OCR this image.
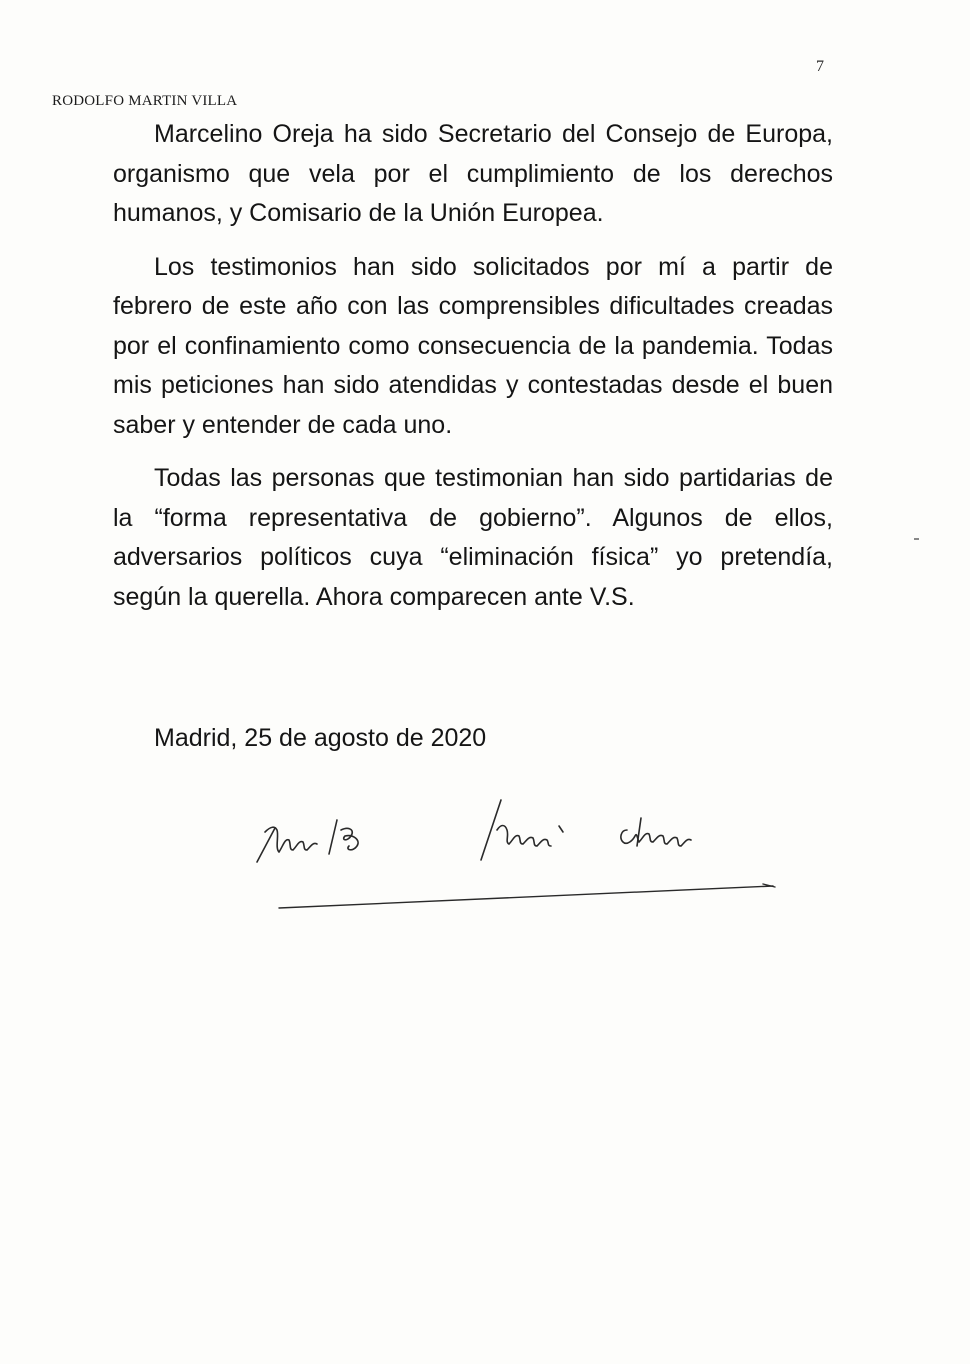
7
RODOLFO MARTIN VILLA

Marcelino Oreja ha sido Secretario del Consejo de Europa, organismo que vela por el cumplimiento de los derechos humanos, y Comisario de la Unión Europea.

Los testimonios han sido solicitados por mí a partir de febrero de este año con las comprensibles dificultades creadas por el confinamiento como consecuencia de la pandemia. Todas mis peticiones han sido atendidas y contestadas desde el buen saber y entender de cada uno.

Todas las personas que testimonian han sido partidarias de la “forma representativa de gobierno”. Algunos de ellos, adversarios políticos cuya “eliminación física” yo pretendía, según la querella. Ahora comparecen ante V.S.

Madrid, 25 de agosto de 2020
